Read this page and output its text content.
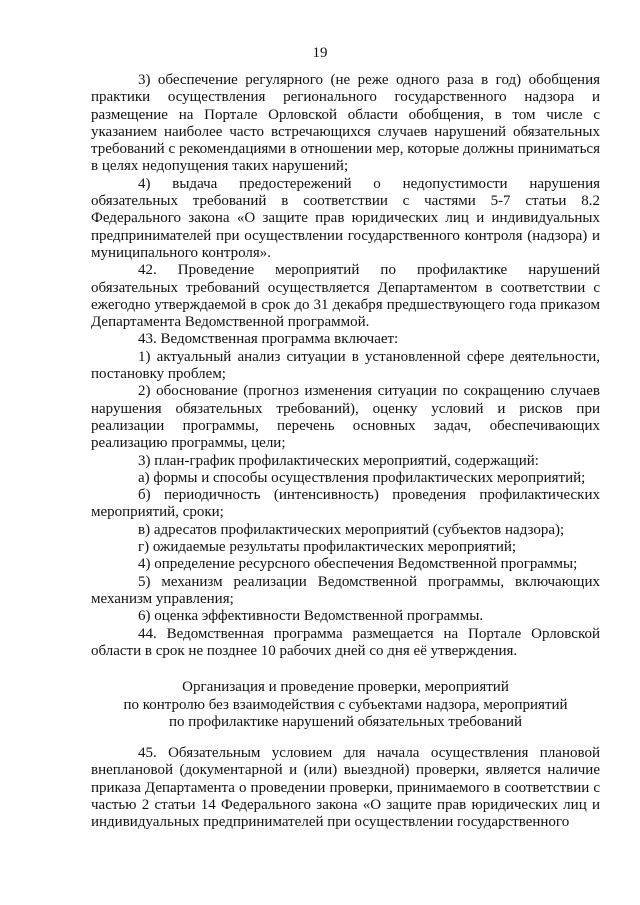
19

3) обеспечение регулярного (не реже одного раза в год) обобщения практики осуществления регионального государственного надзора и размещение на Портале Орловской области обобщения, в том числе с указанием наиболее часто встречающихся случаев нарушений обязательных требований с рекомендациями в отношении мер, которые должны приниматься в целях недопущения таких нарушений;

4) выдача предостережений о недопустимости нарушения обязательных требований в соответствии с частями 5-7 статьи 8.2 Федерального закона «О защите прав юридических лиц и индивидуальных предпринимателей при осуществлении государственного контроля (надзора) и муниципального контроля».

42. Проведение мероприятий по профилактике нарушений обязательных требований осуществляется Департаментом в соответствии с ежегодно утверждаемой в срок до 31 декабря предшествующего года приказом Департамента Ведомственной программой.

43. Ведомственная программа включает:

1) актуальный анализ ситуации в установленной сфере деятельности, постановку проблем;

2) обоснование (прогноз изменения ситуации по сокращению случаев нарушения обязательных требований), оценку условий и рисков при реализации программы, перечень основных задач, обеспечивающих реализацию программы, цели;

3) план-график профилактических мероприятий, содержащий:

а) формы и способы осуществления профилактических мероприятий;

б) периодичность (интенсивность) проведения профилактических мероприятий, сроки;

в) адресатов профилактических мероприятий (субъектов надзора);

г) ожидаемые результаты профилактических мероприятий;

4) определение ресурсного обеспечения Ведомственной программы;

5) механизм реализации Ведомственной программы, включающих механизм управления;

6) оценка эффективности Ведомственной программы.

44. Ведомственная программа размещается на Портале Орловской области в срок не позднее 10 рабочих дней со дня её утверждения.

Организация и проведение проверки, мероприятий
по контролю без взаимодействия с субъектами надзора, мероприятий
по профилактике нарушений обязательных требований

45. Обязательным условием для начала осуществления плановой внеплановой (документарной и (или) выездной) проверки, является наличие приказа Департамента о проведении проверки, принимаемого в соответствии с частью 2 статьи 14 Федерального закона «О защите прав юридических лиц и индивидуальных предпринимателей при осуществлении государственного
